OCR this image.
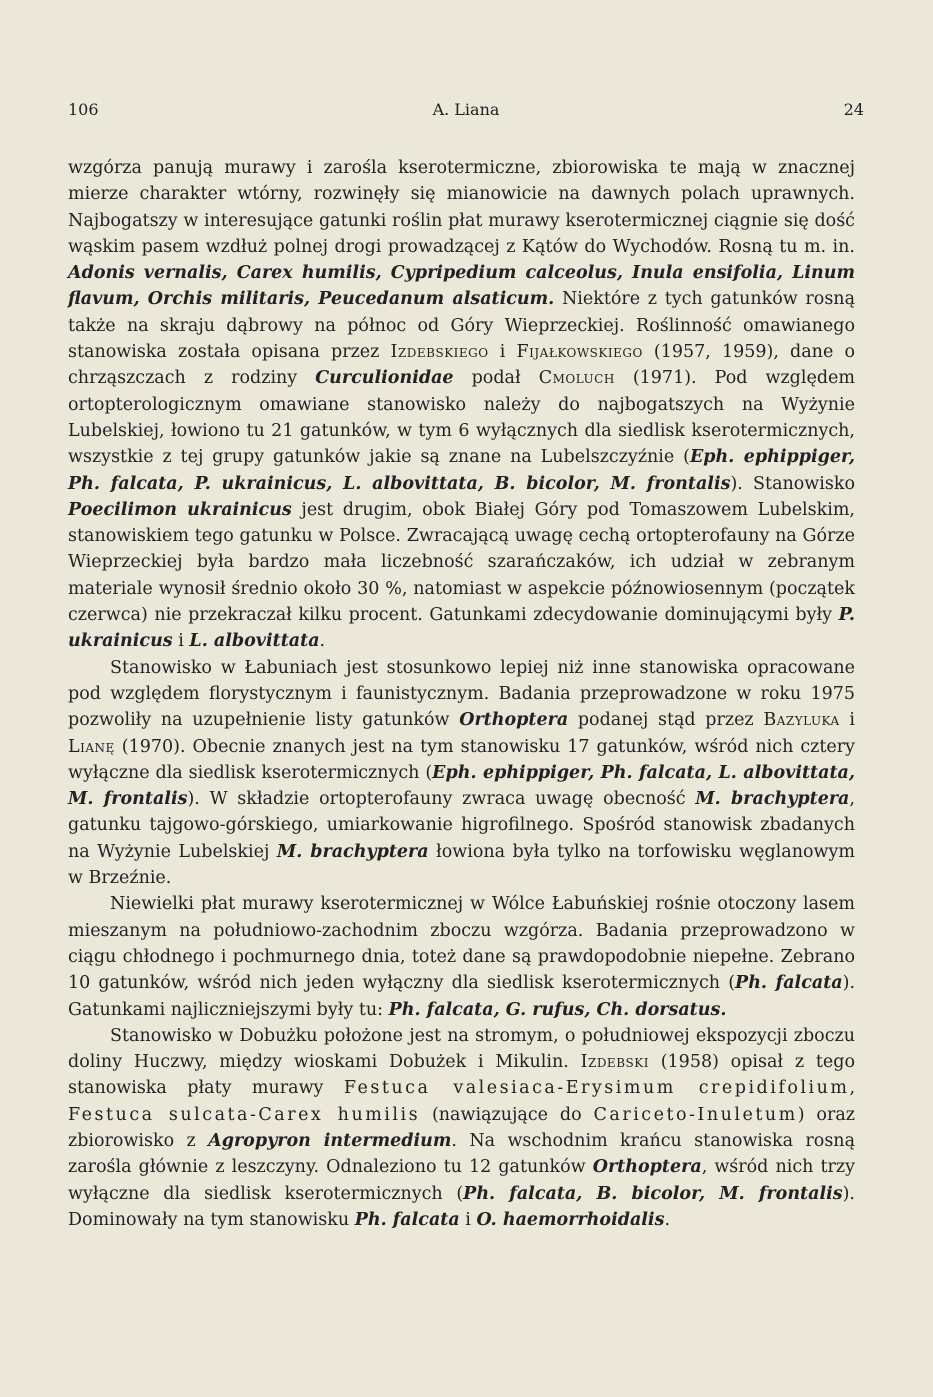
106	A. Liana	24

wzgórza panują murawy i zarośla kserotermiczne, zbiorowiska te mają w znacznej mierze charakter wtórny, rozwinęły się mianowicie na dawnych polach uprawnych. Najbogatszy w interesujące gatunki roślin płat murawy kserotermicznej ciągnie się dość wąskim pasem wzdłuż polnej drogi prowadzącej z Kątów do Wychodów. Rosną tu m. in. Adonis vernalis, Carex humilis, Cypripedium calceolus, Inula ensifolia, Linum flavum, Orchis militaris, Peucedanum alsaticum. Niektóre z tych gatunków rosną także na skraju dąbrowy na północ od Góry Wieprzeckiej. Roślinność omawianego stanowiska została opisana przez Izdebskiego i Fijałkowskiego (1957, 1959), dane o chrząszczach z rodziny Curculionidae podał Cmoluch (1971). Pod względem ortopterologicznym omawiane stanowisko należy do najbogatszych na Wyżynie Lubelskiej, łowiono tu 21 gatunków, w tym 6 wyłącznych dla siedlisk kserotermicznych, wszystkie z tej grupy gatunków jakie są znane na Lubelszczyźnie (Eph. ephippiger, Ph. falcata, P. ukrainicus, L. albovittata, B. bicolor, M. frontalis). Stanowisko Poecilimon ukrainicus jest drugim, obok Białej Góry pod Tomaszowem Lubelskim, stanowiskiem tego gatunku w Polsce. Zwracającą uwagę cechą ortopterofauny na Górze Wieprzeckiej była bardzo mała liczebność szarańczaków, ich udział w zebranym materiale wynosił średnio około 30 %, natomiast w aspekcie późnowiosennym (początek czerwca) nie przekraczał kilku procent. Gatunkami zdecydowanie dominującymi były P. ukrainicus i L. albovittata.

Stanowisko w Łabuniach jest stosunkowo lepiej niż inne stanowiska opracowane pod względem florystycznym i faunistycznym. Badania przeprowadzone w roku 1975 pozwoliły na uzupełnienie listy gatunków Orthoptera podanej stąd przez Bazyluka i Lianę (1970). Obecnie znanych jest na tym stanowisku 17 gatunków, wśród nich cztery wyłączne dla siedlisk kserotermicznych (Eph. ephippiger, Ph. falcata, L. albovittata, M. frontalis). W składzie ortopterofauny zwraca uwagę obecność M. brachyptera, gatunku tajgowo-górskiego, umiarkowanie higrofilnego. Spośród stanowisk zbadanych na Wyżynie Lubelskiej M. brachyptera łowiona była tylko na torfowisku węglanowym w Brzeźnie.

Niewielki płat murawy kserotermicznej w Wólce Łabuńskiej rośnie otoczony lasem mieszanym na południowo-zachodnim zboczu wzgórza. Badania przeprowadzono w ciągu chłodnego i pochmurnego dnia, toteż dane są prawdopodobnie niepełne. Zebrano 10 gatunków, wśród nich jeden wyłączny dla siedlisk kserotermicznych (Ph. falcata). Gatunkami najliczniejszymi były tu: Ph. falcata, G. rufus, Ch. dorsatus.

Stanowisko w Dobużku położone jest na stromym, o południowej ekspozycji zboczu doliny Huczwy, między wioskami Dobużek i Mikulin. Izdebski (1958) opisał z tego stanowiska płaty murawy Festuca valesiaca-Erysimum crepidifolium, Festuca sulcata-Carex humilis (nawiązujące do Caricetо-Inuletum) oraz zbiorowisko z Agropyron intermedium. Na wschodnim krańcu stanowiska rosną zarośla głównie z leszczyny. Odnaleziono tu 12 gatunków Orthoptera, wśród nich trzy wyłączne dla siedlisk kserotermicznych (Ph. falcata, B. bicolor, M. frontalis). Dominowały na tym stanowisku Ph. falcata i O. haemorrhoidalis.
